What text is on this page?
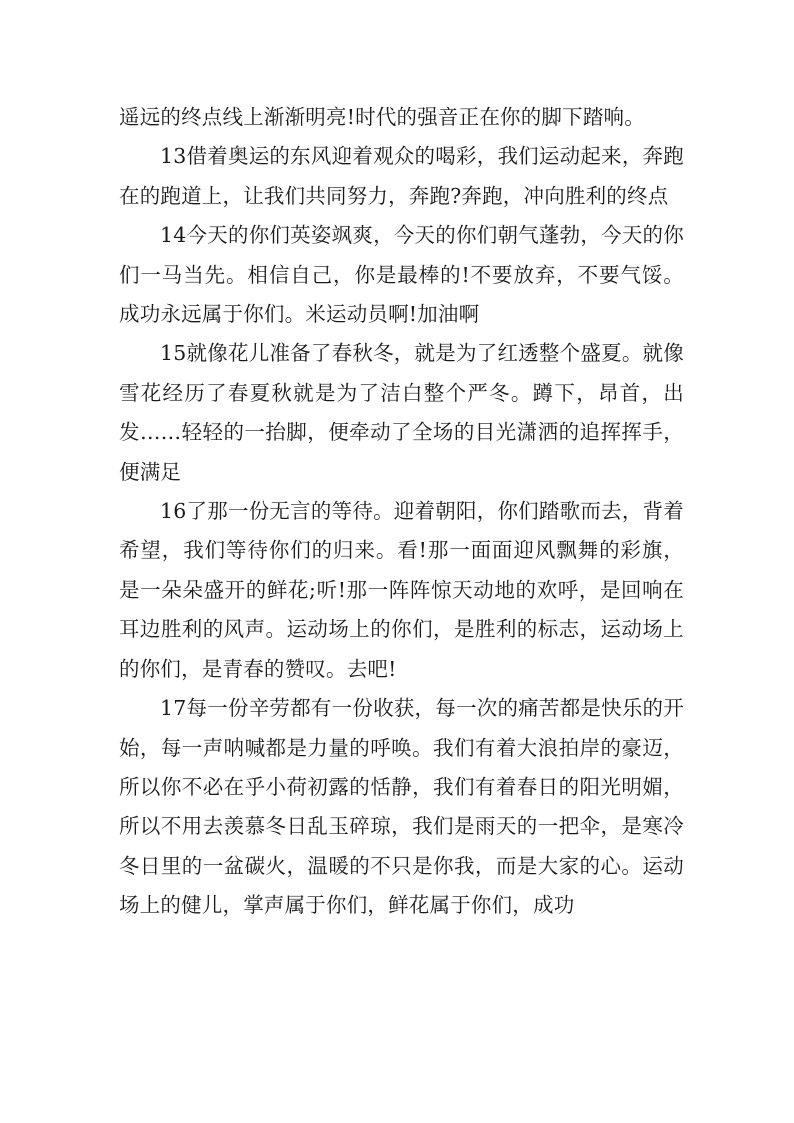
遥远的终点线上渐渐明亮!时代的强音正在你的脚下踏响。

13借着奥运的东风迎着观众的喝彩，我们运动起来，奔跑在的跑道上，让我们共同努力，奔跑?奔跑，冲向胜利的终点

14今天的你们英姿飒爽，今天的你们朝气蓬勃，今天的你们一马当先。相信自己，你是最棒的!不要放弃，不要气馁。成功永远属于你们。米运动员啊!加油啊

15就像花儿准备了春秋冬，就是为了红透整个盛夏。就像雪花经历了春夏秋就是为了洁白整个严冬。蹲下，昂首，出发……轻轻的一抬脚，便牵动了全场的目光潇洒的追挥挥手，便满足

16了那一份无言的等待。迎着朝阳，你们踏歌而去，背着希望，我们等待你们的归来。看!那一面面迎风飘舞的彩旗，是一朵朵盛开的鲜花;听!那一阵阵惊天动地的欢呼，是回响在耳边胜利的风声。运动场上的你们，是胜利的标志，运动场上的你们，是青春的赞叹。去吧!

17每一份辛劳都有一份收获，每一次的痛苦都是快乐的开始，每一声呐喊都是力量的呼唤。我们有着大浪拍岸的豪迈，所以你不必在乎小荷初露的恬静，我们有着春日的阳光明媚，所以不用去羡慕冬日乱玉碎琼，我们是雨天的一把伞，是寒冷冬日里的一盆碳火，温暖的不只是你我，而是大家的心。运动场上的健儿，掌声属于你们，鲜花属于你们，成功
